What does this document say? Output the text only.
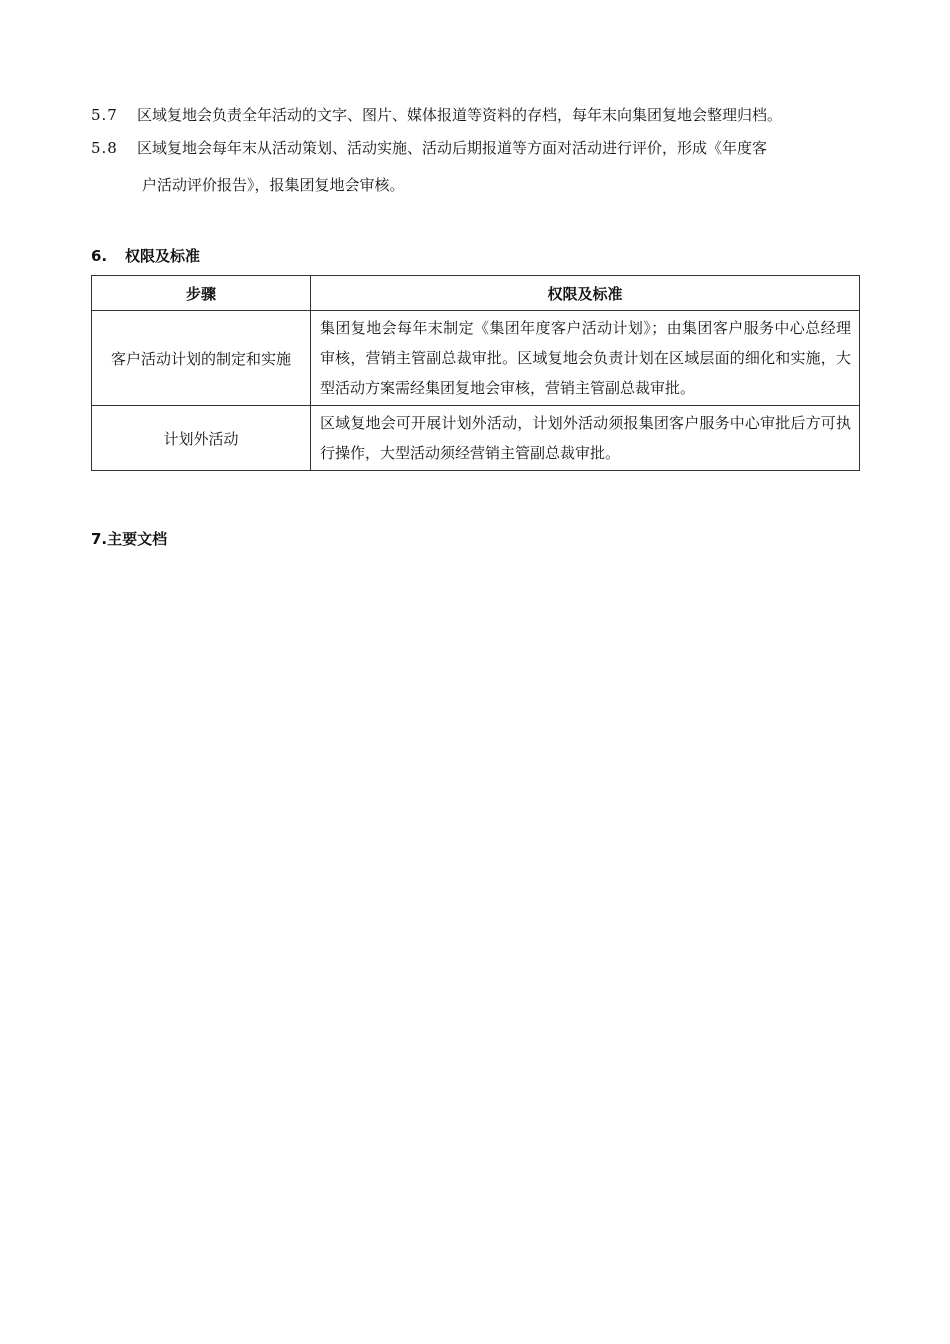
5.7 区域复地会负责全年活动的文字、图片、媒体报道等资料的存档，每年末向集团复地会整理归档。
5.8 区域复地会每年末从活动策划、活动实施、活动后期报道等方面对活动进行评价，形成《年度客
户活动评价报告》，报集团复地会审核。
6. 权限及标准
步骤	权限及标准
客户活动计划的制定和实施	集团复地会每年末制定《集团年度客户活动计划》；由集团客户服务中心总经理审核，营销主管副总裁审批。区域复地会负责计划在区域层面的细化和实施，大型活动方案需经集团复地会审核，营销主管副总裁审批。
计划外活动	区域复地会可开展计划外活动，计划外活动须报集团客户服务中心审批后方可执行操作，大型活动须经营销主管副总裁审批。
7.主要文档
